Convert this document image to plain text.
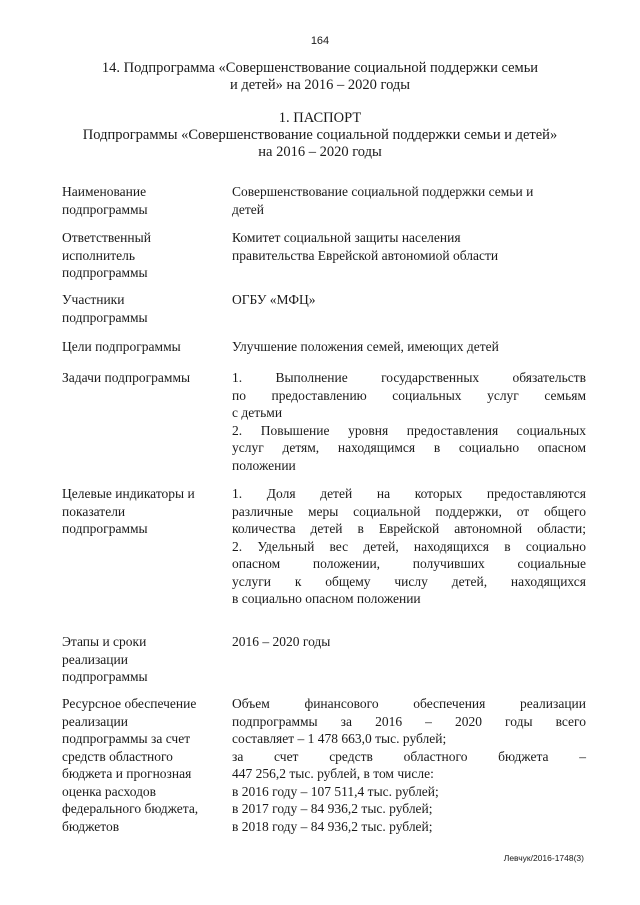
164
14. Подпрограмма «Совершенствование социальной поддержки семьи
и детей» на 2016 – 2020 годы
1. ПАСПОРТ
Подпрограммы «Совершенствование социальной поддержки семьи и детей»
на 2016 – 2020 годы
Наименование
подпрограммы

Совершенствование социальной поддержки семьи и

детей

Ответственный
исполнитель
подпрограммы

Комитет социальной защиты населения

правительства Еврейской автономиой области

Участники
подпрограммы

ОГБУ «МФЦ»

Цели подпрограммы	Улучшение положения семей, имеющих детей

Задачи подпрограммы	1. Выполнение государственных обязательств

по предоставлению социальных услуг семьям

с детьми

2. Повышение уровня предоставления социальных

услуг детям, находящимся в социально опасном

положении

Целевые индикаторы и
показатели
подпрограммы

1. Доля детей на которых предоставляются

различные меры социальной поддержки, от общего

количества детей в Еврейской автономной области;

2. Удельный вес детей, находящихся в социально

опасном положении, получивших социальные

услуги к общему числу детей, находящихся

в социально опасном положении

Этапы и сроки
реализации
подпрограммы

2016 – 2020 годы

Ресурсное обеспечение
реализации
подпрограммы за счет
средств областного
бюджета и прогнозная
оценка расходов
федерального бюджета,
бюджетов

Объем финансового обеспечения реализации

подпрограммы за 2016 – 2020 годы всего

составляет – 1 478 663,0 тыс. рублей;

за счет средств областного бюджета –

447 256,2 тыс. рублей, в том числе:

в 2016 году – 107 511,4 тыс. рублей;

в 2017 году – 84 936,2 тыс. рублей;

в 2018 году – 84 936,2 тыс. рублей;

Левчук/2016-1748(3)
